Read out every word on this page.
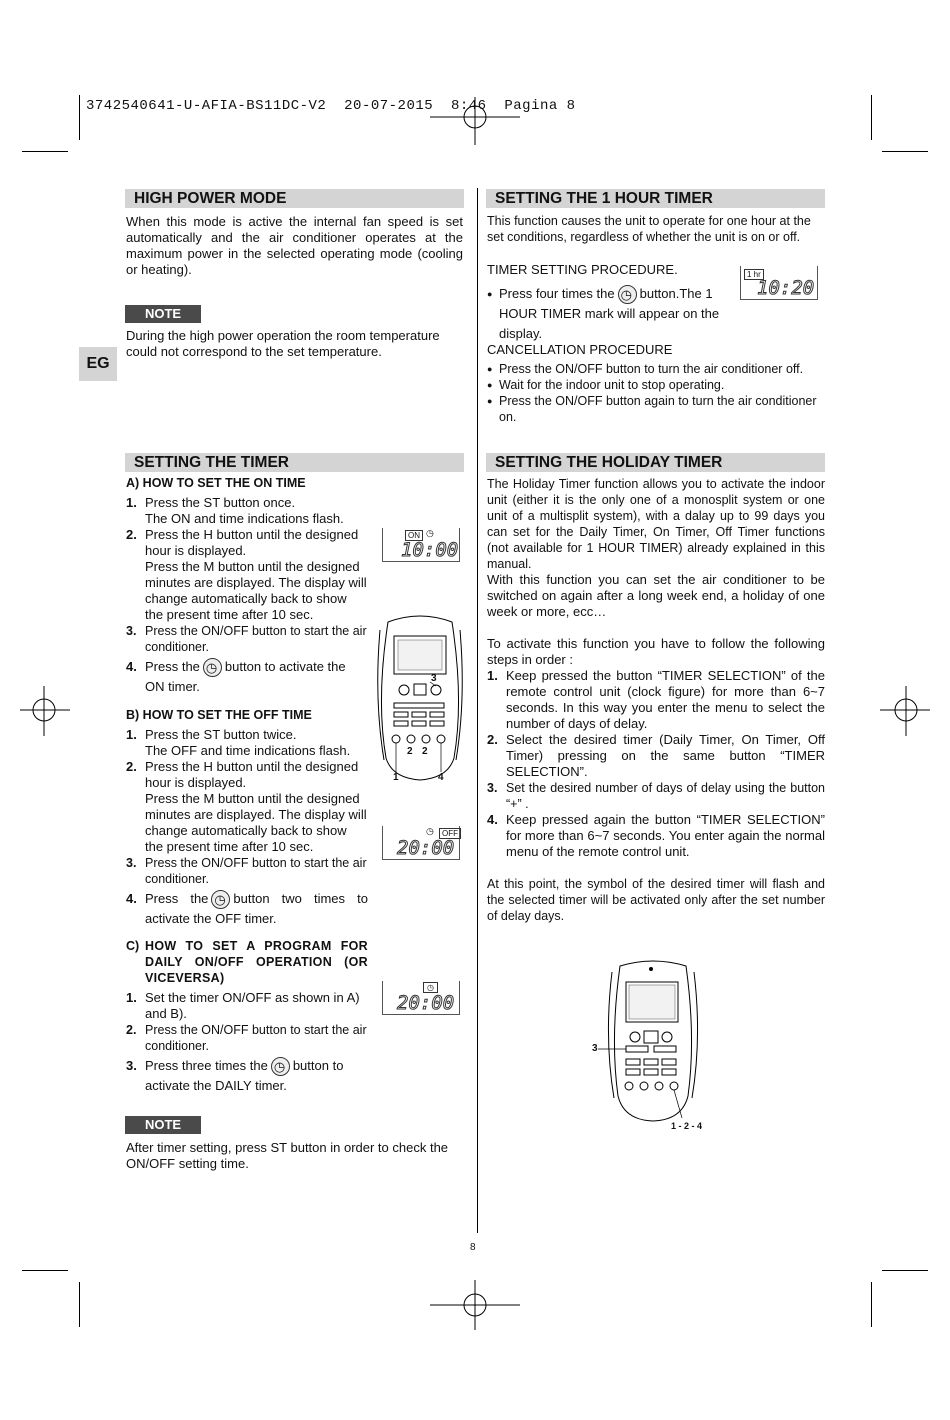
3742540641-U-AFIA-BS11DC-V2  20-07-2015  8:46  Pagina 8
EG
HIGH POWER MODE
When this mode is active the internal fan speed is set automatically and the air conditioner operates at the maximum power in the selected operating mode (cooling or heating).
NOTE
During the high power operation the room temperature could not correspond to the set temperature.
SETTING THE TIMER
A) HOW TO SET THE ON TIME
1. Press the ST button once.
The ON and time indications flash.
2. Press the H button until the designed hour is displayed.
Press the M button until the designed minutes are displayed. The display will change automatically back to show the present time after 10 sec.
3. Press the ON/OFF button to start the air conditioner.
4. Press the ◷ button to activate the ON timer.
B) HOW TO SET THE OFF TIME
1. Press the ST button twice.
The OFF and time indications flash.
2. Press the H button until the designed hour is displayed.
Press the M button until the designed minutes are displayed. The display will change automatically back to show the present time after 10 sec.
3. Press the ON/OFF button to start the air conditioner.
4. Press the ◷ button two times to activate the OFF timer.
C) HOW TO SET A PROGRAM FOR DAILY ON/OFF OPERATION (OR VICEVERSA)
1. Set the timer ON/OFF as shown in A) and B).
2. Press the ON/OFF button to start the air conditioner.
3. Press three times the ◷ button to activate the DAILY timer.
NOTE
After timer setting, press ST button in order to check the ON/OFF setting time.
ON ◷
10:00
◷	OFF
20:00
◷
20:00
3
2 2
1	4
SETTING THE 1 HOUR TIMER
This function causes the unit to operate for one hour at the set conditions, regardless of whether the unit is on or off.
TIMER SETTING PROCEDURE.
● Press four times the ◷ button.The 1 HOUR TIMER mark will appear on the display.
CANCELLATION PROCEDURE
● Press the ON/OFF button to turn the air conditioner off.
● Wait for the indoor unit to stop operating.
● Press the ON/OFF button again to turn the air conditioner on.
1 hr
10:20
SETTING THE HOLIDAY TIMER
The Holiday Timer function allows you to activate the indoor unit (either it is the only one of a monosplit system or one unit of a multisplit system), with a dalay up to 99 days you can set for the Daily Timer, On Timer, Off Timer functions (not available for 1 HOUR TIMER) already explained in this manual.
With this function you can set the air conditioner to be switched on again after a long week end, a holiday of one week or more, ecc…
To activate this function you have to follow the following steps in order :
1. Keep pressed the button “TIMER SELECTION” of the remote control unit (clock figure) for more than 6~7 seconds. In this way you enter the menu to select the number of days of delay.
2. Select the desired timer (Daily Timer, On Timer, Off Timer) pressing on the same button “TIMER SELECTION”.
3. Set the desired number of days of delay using the button “+” .
4. Keep pressed again the button “TIMER SELECTION” for more than 6~7 seconds. You enter again the normal menu of the remote control unit.
At this point, the symbol of the desired timer will flash and the selected timer will be activated only after the set number of delay days.
3
1 - 2 - 4
8
